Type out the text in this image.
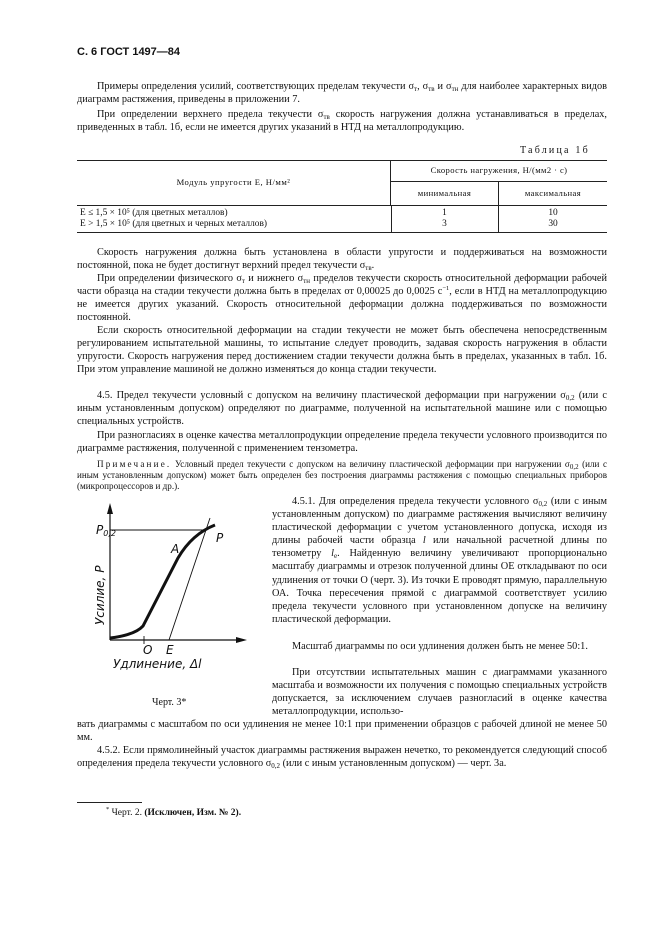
С. 6 ГОСТ 1497—84
Примеры определения усилий, соответствующих пределам текучести $\sigma_т$, $\sigma_{тв}$ и $\sigma_{тн}$ для наиболее характерных видов диаграмм растяжения, приведены в приложении 7.
При определении верхнего предела текучести $\sigma_{тв}$ скорость нагружения должна устанавливаться в пределах, приведенных в табл. 1б, если не имеется других указаний в НТД на металлопродукцию.
Таблица 1б
Модуль упругости E, Н/мм²
Скорость нагружения, Н/(мм2 · с)
минимальная	максимальная
E ≤ 1,5 × 10⁵ (для цветных металлов)	1	10
E > 1,5 × 10⁵ (для цветных и черных металлов)	3	30
Скорость нагружения должна быть установлена в области упругости и поддерживаться на возможности постоянной, пока не будет достигнут верхний предел текучести $\sigma_{тв}$.
При определении физического $\sigma_т$ и нижнего $\sigma_{тн}$ пределов текучести скорость относительной деформации рабочей части образца на стадии текучести должна быть в пределах от 0,00025 до 0,0025 $с^{-1}$, если в НТД на металлопродукцию не имеется других указаний. Скорость относительной деформации должна поддерживаться по возможности постоянной.
Если скорость относительной деформации на стадии текучести не может быть обеспечена непосредственным регулированием испытательной машины, то испытание следует проводить, задавая скорость нагружения в области упругости. Скорость нагружения перед достижением стадии текучести должна быть в пределах, указанных в табл. 1б. При этом управление машиной не должно изменяться до конца стадии текучести.
4.5. Предел текучести условный с допуском на величину пластической деформации при нагружении $\sigma_{0,2}$ (или с иным установленным допуском) определяют по диаграмме, полученной на испытательной машине или с помощью специальных устройств.
При разногласиях в оценке качества металлопродукции определение предела текучести условного производится по диаграмме растяжения, полученной с применением тензометра.
Примечание. Условный предел текучести с допуском на величину пластической деформации при нагружении $\sigma_{0,2}$ (или с иным установленным допуском) может быть определен без построения диаграммы растяжения с помощью специальных приборов (микропроцессоров и др.).
$P_{0,2}$	P
A
O E
Усилие, P
Удлинение, Δl
Черт. 3*
4.5.1. Для определения предела текучести условного $\sigma_{0,2}$ (или с иным установленным допуском) по диаграмме растяжения вычисляют величину пластической деформации с учетом установленного допуска, исходя из длины рабочей части образца l или начальной расчетной длины по тензометру $l_е$. Найденную величину увеличивают пропорционально масштабу диаграммы и отрезок полученной длины ОЕ откладывают по оси удлинения от точки О (черт. 3). Из точки Е проводят прямую, параллельную ОА. Точка пересечения прямой с диаграммой соответствует усилию предела текучести условного при установленном допуске на величину пластической деформации.
Масштаб диаграммы по оси удлинения должен быть не менее 50:1.
При отсутствии испытательных машин с диаграммами указанного масштаба и возможности их получения с помощью специальных устройств допускается, за исключением случаев разногласий в оценке качества металлопродукции, использо-
вать диаграммы с масштабом по оси удлинения не менее 10:1 при применении образцов с рабочей длиной не менее 50 мм.
4.5.2. Если прямолинейный участок диаграммы растяжения выражен нечетко, то рекомендуется следующий способ определения предела текучести условного $\sigma_{0,2}$ (или с иным установленным допуском) — черт. 3а.
* Черт. 2. (Исключен, Изм. № 2).
